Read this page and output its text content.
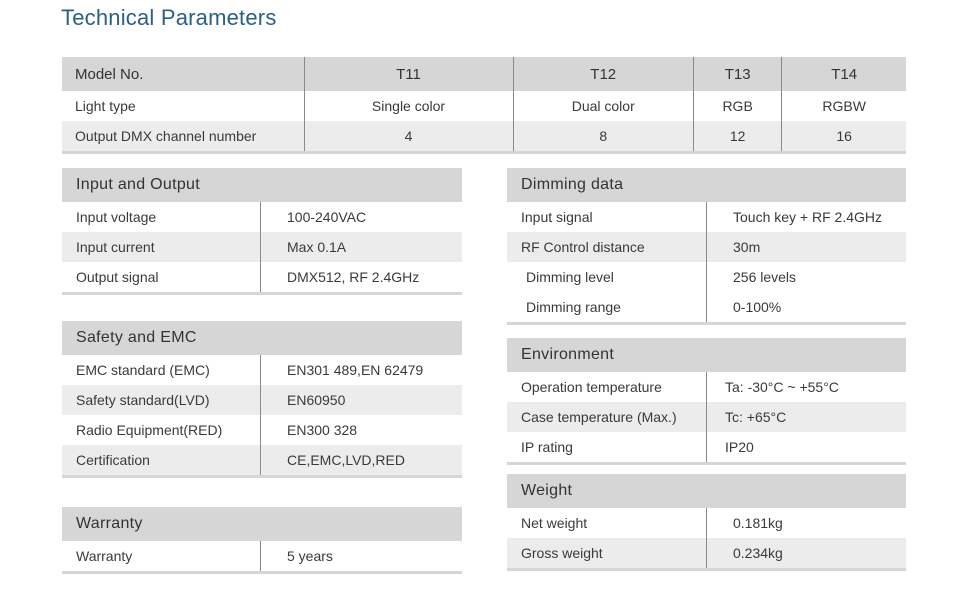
Technical Parameters
Model No.	T11	T12	T13	T14
Light type	Single color	Dual color	RGB	RGBW
Output DMX channel number	4	8	12	16
Input and Output
Input voltage	100-240VAC
Input current	Max 0.1A
Output signal	DMX512, RF 2.4GHz
Safety and EMC
EMC standard (EMC)	EN301 489,EN 62479
Safety standard(LVD)	EN60950
Radio Equipment(RED)	EN300 328
Certification	CE,EMC,LVD,RED
Warranty
Warranty	5 years
Dimming data
Input signal	Touch key + RF 2.4GHz
RF Control distance	30m
Dimming level	256 levels
Dimming range	0-100%
Environment
Operation temperature	Ta: -30°C ~ +55°C
Case temperature (Max.)	Tc: +65°C
IP rating	IP20
Weight
Net weight	0.181kg
Gross weight	0.234kg
